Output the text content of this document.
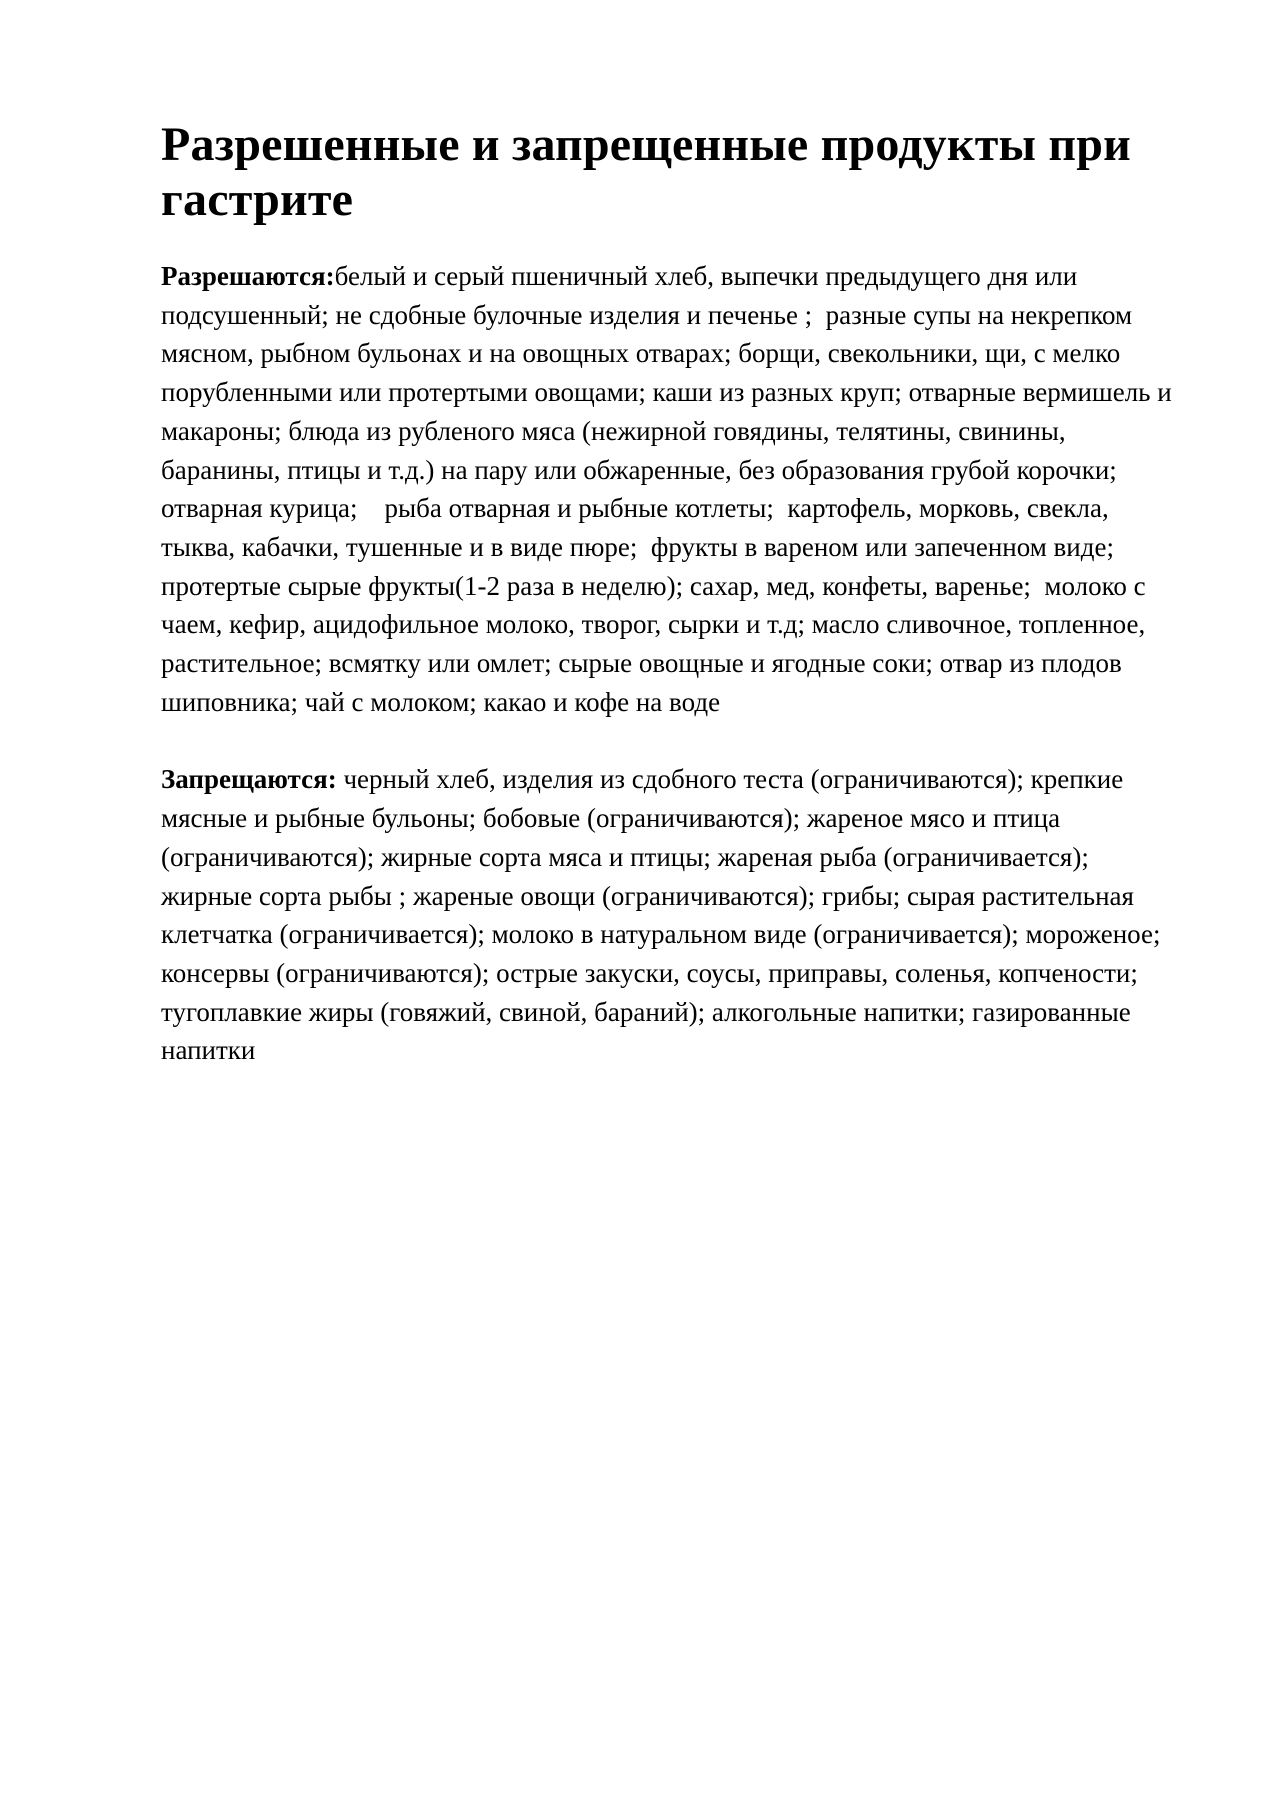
Разрешенные и запрещенные продукты при гастрите

Разрешаются:белый и серый пшеничный хлеб, выпечки предыдущего дня или подсушенный; не сдобные булочные изделия и печенье ;  разные супы на некрепком мясном, рыбном бульонах и на овощных отварах; борщи, свекольники, щи, с мелко порубленными или протертыми овощами; каши из разных круп; отварные вермишель и макароны; блюда из рубленого мяса (нежирной говядины, телятины, свинины, баранины, птицы и т.д.) на пару или обжаренные, без образования грубой корочки; отварная курица;    рыба отварная и рыбные котлеты;  картофель, морковь, свекла, тыква, кабачки, тушенные и в виде пюре;  фрукты в вареном или запеченном виде; протертые сырые фрукты(1-2 раза в неделю); сахар, мед, конфеты, варенье;  молоко с чаем, кефир, ацидофильное молоко, творог, сырки и т.д; масло сливочное, топленное, растительное; всмятку или омлет; сырые овощные и ягодные соки; отвар из плодов шиповника; чай с молоком; какао и кофе на воде

Запрещаются: черный хлеб, изделия из сдобного теста (ограничиваются); крепкие мясные и рыбные бульоны; бобовые (ограничиваются); жареное мясо и птица (ограничиваются); жирные сорта мяса и птицы; жареная рыба (ограничивается); жирные сорта рыбы ; жареные овощи (ограничиваются); грибы; сырая растительная клетчатка (ограничивается); молоко в натуральном виде (ограничивается); мороженое; консервы (ограничиваются); острые закуски, соусы, приправы, соленья, копчености; тугоплавкие жиры (говяжий, свиной, бараний); алкогольные напитки; газированные напитки
